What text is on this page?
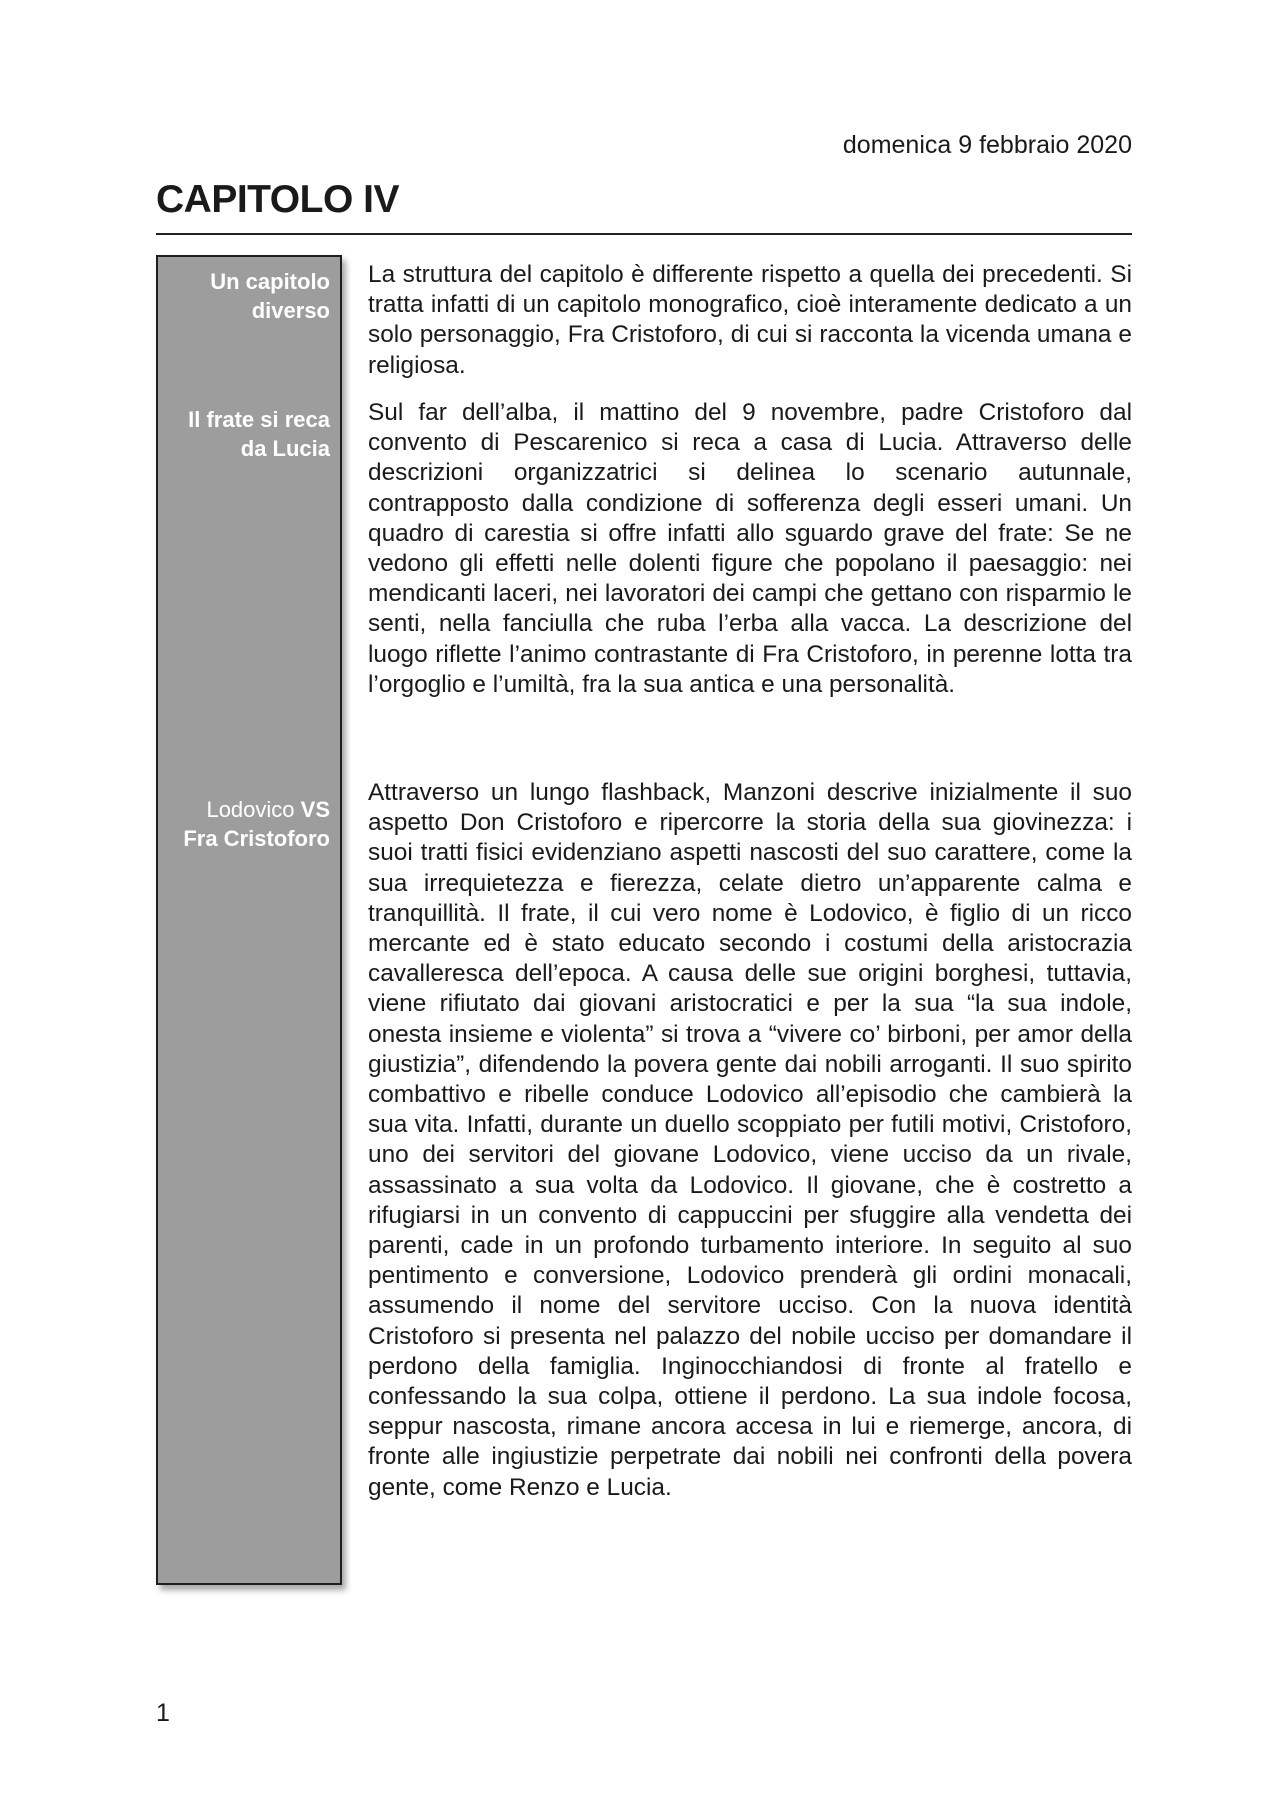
domenica 9 febbraio 2020
CAPITOLO IV
Un capitolo
diverso
Il frate si reca
da Lucia
Lodovico VS
Fra Cristoforo

La struttura del capitolo è differente rispetto a quella dei precedenti. Si tratta infatti di un capitolo monografico, cioè interamente dedicato a un solo personaggio, Fra Cristoforo, di cui si racconta la vicenda umana e religiosa.

Sul far dell’alba, il mattino del 9 novembre, padre Cristoforo dal convento di Pescarenico si reca a casa di Lucia. Attraverso delle descrizioni organizzatrici si delinea lo scenario autunnale, contrapposto dalla condizione di sofferenza degli esseri umani. Un quadro di carestia si offre infatti allo sguardo grave del frate: Se ne vedono gli effetti nelle dolenti figure che popolano il paesaggio: nei mendicanti laceri, nei lavoratori dei campi che gettano con risparmio le senti, nella fanciulla che ruba l’erba alla vacca. La descrizione del luogo riflette l’animo contrastante di Fra Cristoforo, in perenne lotta tra l’orgoglio e l’umiltà, fra la sua antica e una personalità.

Attraverso un lungo flashback, Manzoni descrive inizialmente il suo aspetto Don Cristoforo e ripercorre la storia della sua giovinezza: i suoi tratti fisici evidenziano aspetti nascosti del suo carattere, come la sua irrequietezza e fierezza, celate dietro un’apparente calma e tranquillità. Il frate, il cui vero nome è Lodovico, è figlio di un ricco mercante ed è stato educato secondo i costumi della aristocrazia cavalleresca dell’epoca. A causa delle sue origini borghesi, tuttavia, viene rifiutato dai giovani aristocratici e per la sua “la sua indole, onesta insieme e violenta” si trova a “vivere co’ birboni, per amor della giustizia”, difendendo la povera gente dai nobili arroganti. Il suo spirito combattivo e ribelle conduce Lodovico all’episodio che cambierà la sua vita. Infatti, durante un duello scoppiato per futili motivi, Cristoforo, uno dei servitori del giovane Lodovico, viene ucciso da un rivale, assassinato a sua volta da Lodovico. Il giovane, che è costretto a rifugiarsi in un convento di cappuccini per sfuggire alla vendetta dei parenti, cade in un profondo turbamento interiore. In seguito al suo pentimento e conversione, Lodovico prenderà gli ordini monacali, assumendo il nome del servitore ucciso. Con la nuova identità Cristoforo si presenta nel palazzo del nobile ucciso per domandare il perdono della famiglia. Inginocchiandosi di fronte al fratello e confessando la sua colpa, ottiene il perdono. La sua indole focosa, seppur nascosta, rimane ancora accesa in lui e riemerge, ancora, di fronte alle ingiustizie perpetrate dai nobili nei confronti della povera gente, come Renzo e Lucia.

1
